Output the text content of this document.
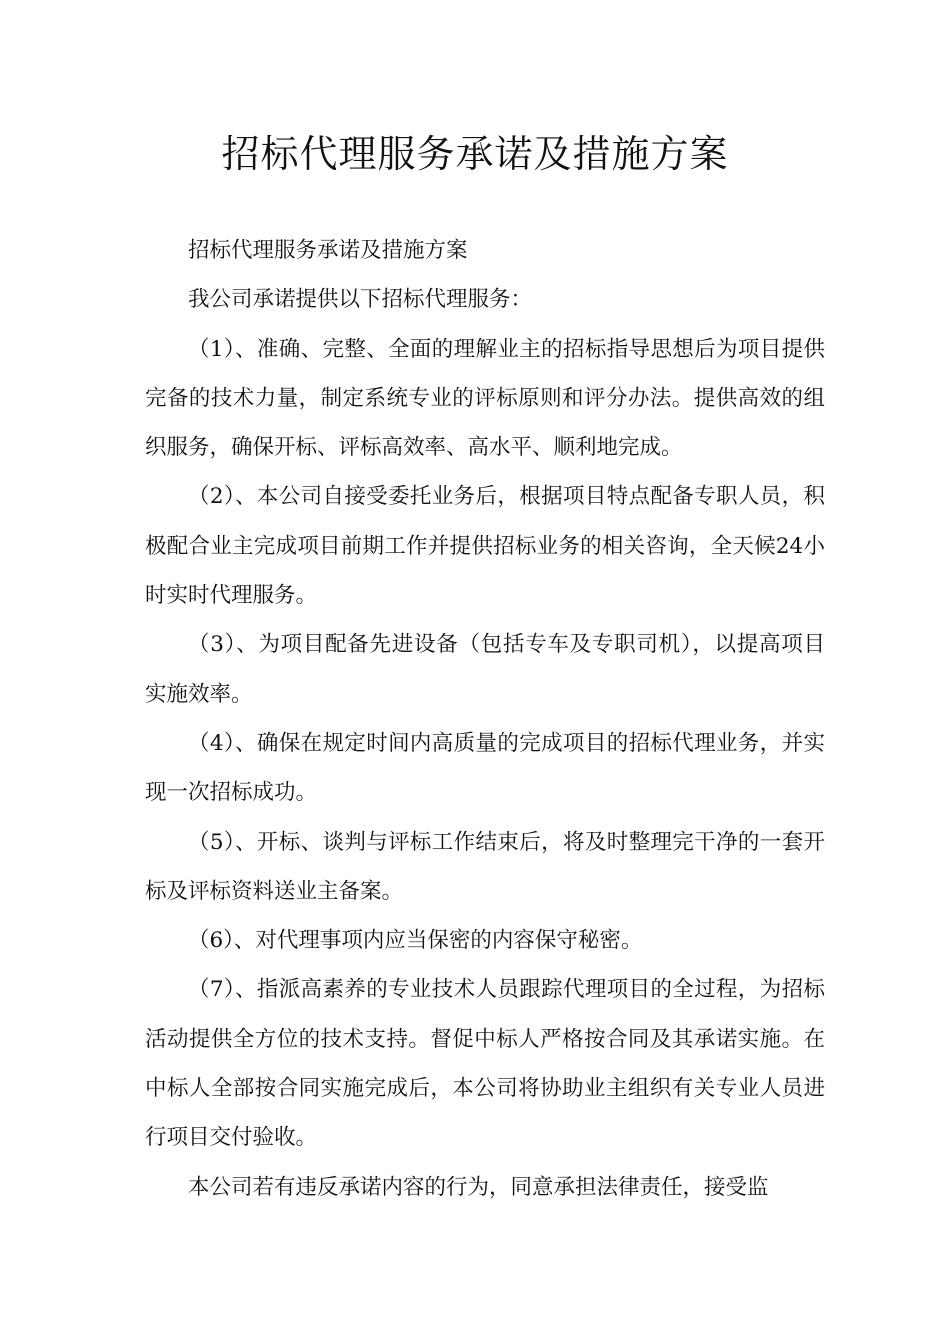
招标代理服务承诺及措施方案

招标代理服务承诺及措施方案

我公司承诺提供以下招标代理服务：

（1）、准确、完整、全面的理解业主的招标指导思想后为项目提供完备的技术力量，制定系统专业的评标原则和评分办法。提供高效的组织服务，确保开标、评标高效率、高水平、顺利地完成。

（2）、本公司自接受委托业务后，根据项目特点配备专职人员，积极配合业主完成项目前期工作并提供招标业务的相关咨询，全天候24小时实时代理服务。

（3）、为项目配备先进设备（包括专车及专职司机），以提高项目实施效率。

（4）、确保在规定时间内高质量的完成项目的招标代理业务，并实现一次招标成功。

（5）、开标、谈判与评标工作结束后，将及时整理完干净的一套开标及评标资料送业主备案。

（6）、对代理事项内应当保密的内容保守秘密。

（7）、指派高素养的专业技术人员跟踪代理项目的全过程，为招标活动提供全方位的技术支持。督促中标人严格按合同及其承诺实施。在中标人全部按合同实施完成后，本公司将协助业主组织有关专业人员进行项目交付验收。

本公司若有违反承诺内容的行为，同意承担法律责任，接受监
